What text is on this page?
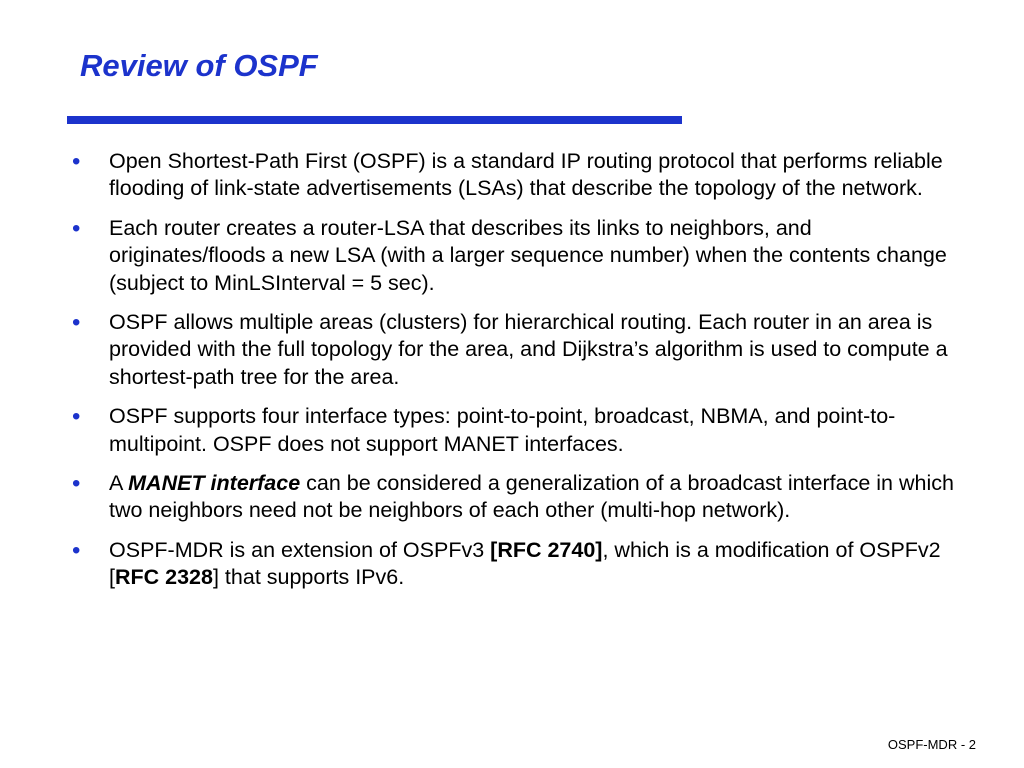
Review of OSPF
• Open Shortest-Path First (OSPF) is a standard IP routing protocol that performs reliable flooding of link-state advertisements (LSAs) that describe the topology of the network.
• Each router creates a router-LSA that describes its links to neighbors, and originates/floods a new LSA (with a larger sequence number) when the contents change (subject to MinLSInterval = 5 sec).
• OSPF allows multiple areas (clusters) for hierarchical routing. Each router in an area is provided with the full topology for the area, and Dijkstra’s algorithm is used to compute a shortest-path tree for the area.
• OSPF supports four interface types: point-to-point, broadcast, NBMA, and point-to-multipoint. OSPF does not support MANET interfaces.
• A MANET interface can be considered a generalization of a broadcast interface in which two neighbors need not be neighbors of each other (multi-hop network).
• OSPF-MDR is an extension of OSPFv3 [RFC 2740], which is a modification of OSPFv2 [RFC 2328] that supports IPv6.
OSPF-MDR - 2
